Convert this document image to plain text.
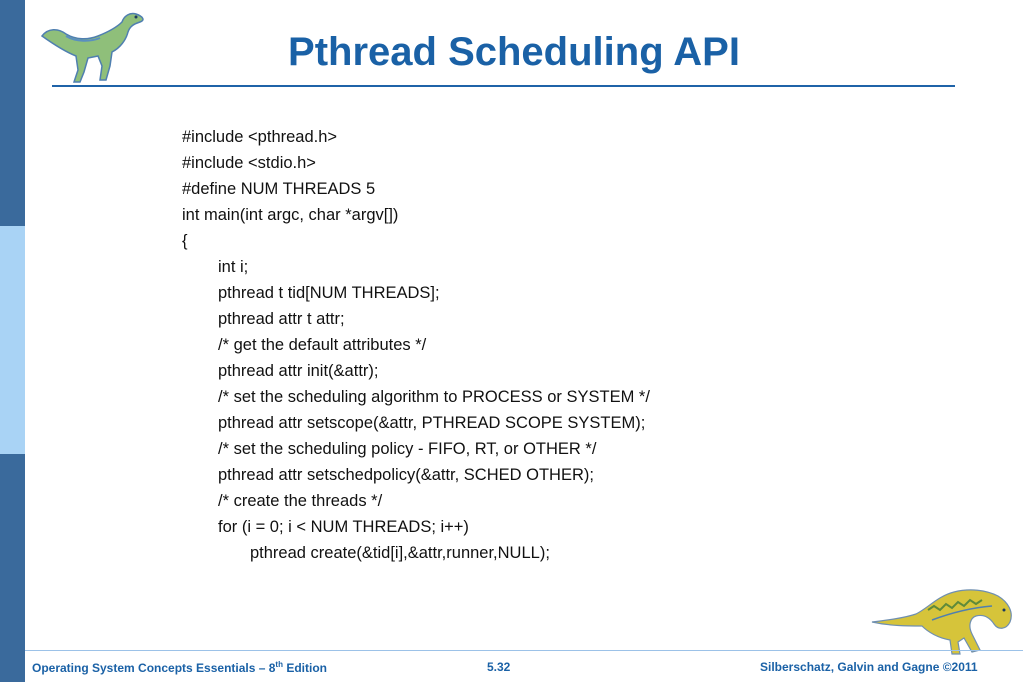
Pthread Scheduling API
#include <pthread.h>
#include <stdio.h>
#define NUM THREADS 5
int main(int argc, char *argv[])
{
int i;
pthread t tid[NUM THREADS];
pthread attr t attr;
/* get the default attributes */
pthread attr init(&attr);
/* set the scheduling algorithm to PROCESS or SYSTEM */
pthread attr setscope(&attr, PTHREAD SCOPE SYSTEM);
/* set the scheduling policy - FIFO, RT, or OTHER */
pthread attr setschedpolicy(&attr, SCHED OTHER);
/* create the threads */
for (i = 0; i < NUM THREADS; i++)
pthread create(&tid[i],&attr,runner,NULL);
Operating System Concepts Essentials – 8th Edition	5.32	Silberschatz, Galvin and Gagne ©2011
